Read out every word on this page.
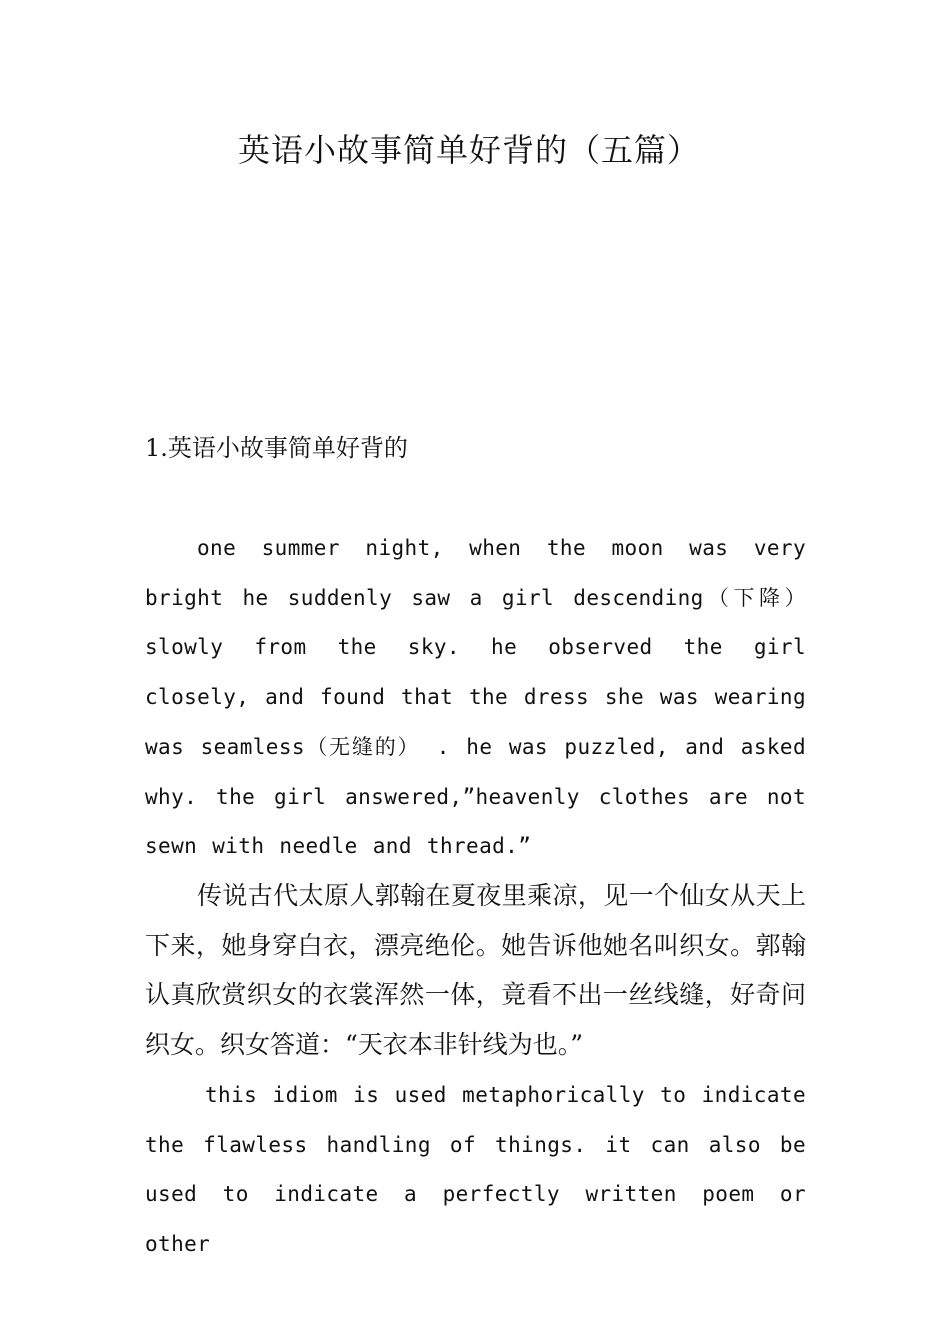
英语小故事简单好背的（五篇）
1.英语小故事简单好背的

one summer night, when the moon was very bright he suddenly saw a girl descending（下降） slowly from the sky. he observed the girl closely, and found that the dress she was wearing was seamless（无缝的） . he was puzzled, and asked why. the girl answered,”heavenly clothes are not sewn with needle and thread.”

传说古代太原人郭翰在夏夜里乘凉，见一个仙女从天上下来，她身穿白衣，漂亮绝伦。她告诉他她名叫织女。郭翰认真欣赏织女的衣裳浑然一体，竟看不出一丝线缝，好奇问织女。织女答道：“天衣本非针线为也。”

this idiom is used metaphorically to indicate the flawless handling of things. it can also be used to indicate a perfectly written poem or other
